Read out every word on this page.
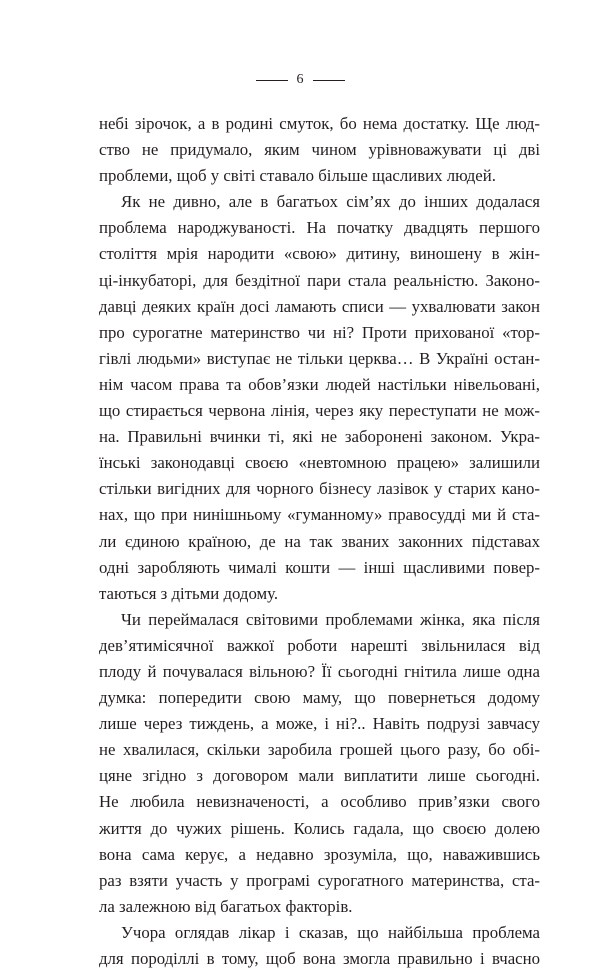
6
небі зірочок, а в родині смуток, бо нема достатку. Ще люд-
ство не придумало, яким чином урівноважувати ці дві
проблеми, щоб у світі ставало більше щасливих людей.
Як не дивно, але в багатьох сім’ях до інших додалася
проблема народжуваності. На початку двадцять першого
століття мрія народити «свою» дитину, виношену в жін-
ці-інкубаторі, для бездітної пари стала реальністю. Законо-
давці деяких країн досі ламають списи — ухвалювати закон
про сурогатне материнство чи ні? Проти прихованої «тор-
гівлі людьми» виступає не тільки церква… В Україні остан-
нім часом права та обов’язки людей настільки нівельовані,
що стирається червона лінія, через яку переступати не мож-
на. Правильні вчинки ті, які не заборонені законом. Укра-
їнські законодавці своєю «невтомною працею» залишили
стільки вигідних для чорного бізнесу лазівок у старих кано-
нах, що при нинішньому «гуманному» правосудді ми й ста-
ли єдиною країною, де на так званих законних підставах
одні заробляють чималі кошти — інші щасливими повер-
таються з дітьми додому.
Чи переймалася світовими проблемами жінка, яка після
дев’ятимісячної важкої роботи нарешті звільнилася від
плоду й почувалася вільною? Її сьогодні гнітила лише одна
думка: попередити свою маму, що повернеться додому
лише через тиждень, а може, і ні?.. Навіть подрузі завчасу
не хвалилася, скільки заробила грошей цього разу, бо обі-
цяне згідно з договором мали виплатити лише сьогодні.
Не любила невизначеності, а особливо прив’язки свого
життя до чужих рішень. Колись гадала, що своєю долею
вона сама керує, а недавно зрозуміла, що, наважившись
раз взяти участь у програмі сурогатного материнства, ста-
ла залежною від багатьох факторів.
Учора оглядав лікар і сказав, що найбільша проблема
для породіллі в тому, щоб вона змогла правильно і вчасно
